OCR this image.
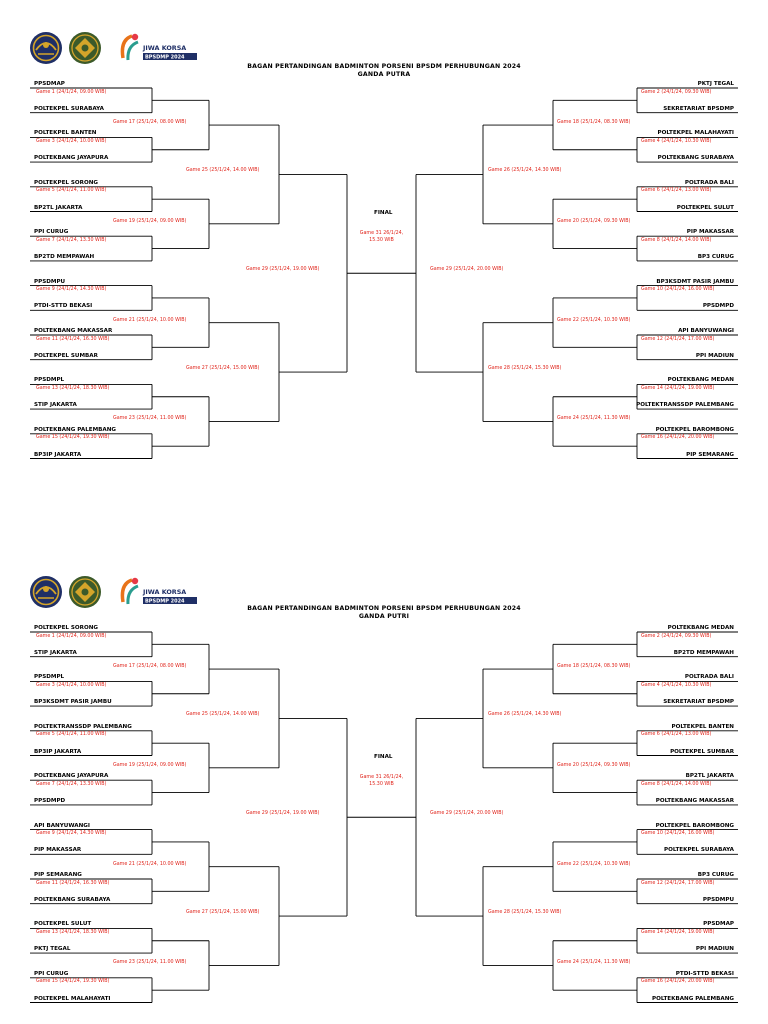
JIWA KORSA
BPSDMP 2024
BAGAN PERTANDINGAN BADMINTON PORSENI BPSDM PERHUBUNGAN 2024
GANDA PUTRA
PPSDMAP
POLTEKPEL SURABAYA
POLTEKPEL BANTEN
POLTEKBANG JAYAPURA
POLTEKPEL SORONG
BP2TL JAKARTA
PPI CURUG
BP2TD MEMPAWAH
PPSDMPU
PTDI-STTD BEKASI
POLTEKBANG MAKASSAR
POLTEKPEL SUMBAR
PPSDMPL
STIP JAKARTA
POLTEKBANG PALEMBANG
BP3IP JAKARTA
PKTJ TEGAL
SEKRETARIAT BPSDMP
POLTEKPEL MALAHAYATI
POLTEKBANG SURABAYA
POLTRADA BALI
POLTEKPEL SULUT
PIP MAKASSAR
BP3 CURUG
BP3KSDMT PASIR JAMBU
PPSDMPD
API BANYUWANGI
PPI MADIUN
POLTEKBANG MEDAN
POLTEKTRANSSDP PALEMBANG
POLTEKPEL BAROMBONG
PIP SEMARANG
Game 1 (24/1/24, 09.00 WIB)	Game 2 (24/1/24, 09.30 WIB)
Game 3 (24/1/24, 10.00 WIB)	Game 4 (24/1/24, 10.30 WIB)
Game 5 (24/1/24, 11.00 WIB)	Game 6 (24/1/24, 13.00 WIB)
Game 7 (24/1/24, 13.30 WIB)	Game 8 (24/1/24, 14.00 WIB)
Game 9 (24/1/24, 14.30 WIB)	Game 10 (24/1/24, 16.00 WIB)
Game 11 (24/1/24, 16.30 WIB)	Game 12 (24/1/24, 17.00 WIB)
Game 13 (24/1/24, 18.30 WIB)	Game 14 (24/1/24, 19.00 WIB)
Game 15 (24/1/24, 19.30 WIB)	Game 16 (24/1/24, 20.00 WIB)
Game 17 (25/1/24, 08.00 WIB)	Game 18 (25/1/24, 08.30 WIB)
Game 19 (25/1/24, 09.00 WIB)	Game 20 (25/1/24, 09.30 WIB)
Game 21 (25/1/24, 10.00 WIB)	Game 22 (25/1/24, 10.30 WIB)
Game 23 (25/1/24, 11.00 WIB)	Game 24 (25/1/24, 11.30 WIB)
Game 25 (25/1/24, 14.00 WIB)	Game 26 (25/1/24, 14.30 WIB)
Game 27 (25/1/24, 15.00 WIB)	Game 28 (25/1/24, 15.30 WIB)
Game 29 (25/1/24, 19.00 WIB)	Game 29 (25/1/24, 20.00 WIB)
FINAL
Game 31 26/1/24, 15.30 WIB
JIWA KORSA
BPSDMP 2024
BAGAN PERTANDINGAN BADMINTON PORSENI BPSDM PERHUBUNGAN 2024
GANDA PUTRI
POLTEKPEL SORONG
STIP JAKARTA
PPSDMPL
BP3KSDMT PASIR JAMBU
POLTEKTRANSSDP PALEMBANG
BP3IP JAKARTA
POLTEKBANG JAYAPURA
PPSDMPD
API BANYUWANGI
PIP MAKASSAR
PIP SEMARANG
POLTEKBANG SURABAYA
POLTEKPEL SULUT
PKTJ TEGAL
PPI CURUG
POLTEKPEL MALAHAYATI
POLTEKBANG MEDAN
BP2TD MEMPAWAH
POLTRADA BALI
SEKRETARIAT BPSDMP
POLTEKPEL BANTEN
POLTEKPEL SUMBAR
BP2TL JAKARTA
POLTEKBANG MAKASSAR
POLTEKPEL BAROMBONG
POLTEKPEL SURABAYA
BP3 CURUG
PPSDMPU
PPSDMAP
PPI MADIUN
PTDI-STTD BEKASI
POLTEKBANG PALEMBANG
Game 1 (24/1/24, 09.00 WIB)	Game 2 (24/1/24, 09.30 WIB)
Game 3 (24/1/24, 10.00 WIB)	Game 4 (24/1/24, 10.30 WIB)
Game 5 (24/1/24, 11.00 WIB)	Game 6 (24/1/24, 13.00 WIB)
Game 7 (24/1/24, 13.30 WIB)	Game 8 (24/1/24, 14.00 WIB)
Game 9 (24/1/24, 14.30 WIB)	Game 10 (24/1/24, 16.00 WIB)
Game 11 (24/1/24, 16.30 WIB)	Game 12 (24/1/24, 17.00 WIB)
Game 13 (24/1/24, 18.30 WIB)	Game 14 (24/1/24, 19.00 WIB)
Game 15 (24/1/24, 19.30 WIB)	Game 16 (24/1/24, 20.00 WIB)
Game 17 (25/1/24, 08.00 WIB)	Game 18 (25/1/24, 08.30 WIB)
Game 19 (25/1/24, 09.00 WIB)	Game 20 (25/1/24, 09.30 WIB)
Game 21 (25/1/24, 10.00 WIB)	Game 22 (25/1/24, 10.30 WIB)
Game 23 (25/1/24, 11.00 WIB)	Game 24 (25/1/24, 11.30 WIB)
Game 25 (25/1/24, 14.00 WIB)	Game 26 (25/1/24, 14.30 WIB)
Game 27 (25/1/24, 15.00 WIB)	Game 28 (25/1/24, 15.30 WIB)
Game 29 (25/1/24, 19.00 WIB)	Game 29 (25/1/24, 20.00 WIB)
FINAL
Game 31 26/1/24, 15.30 WIB
